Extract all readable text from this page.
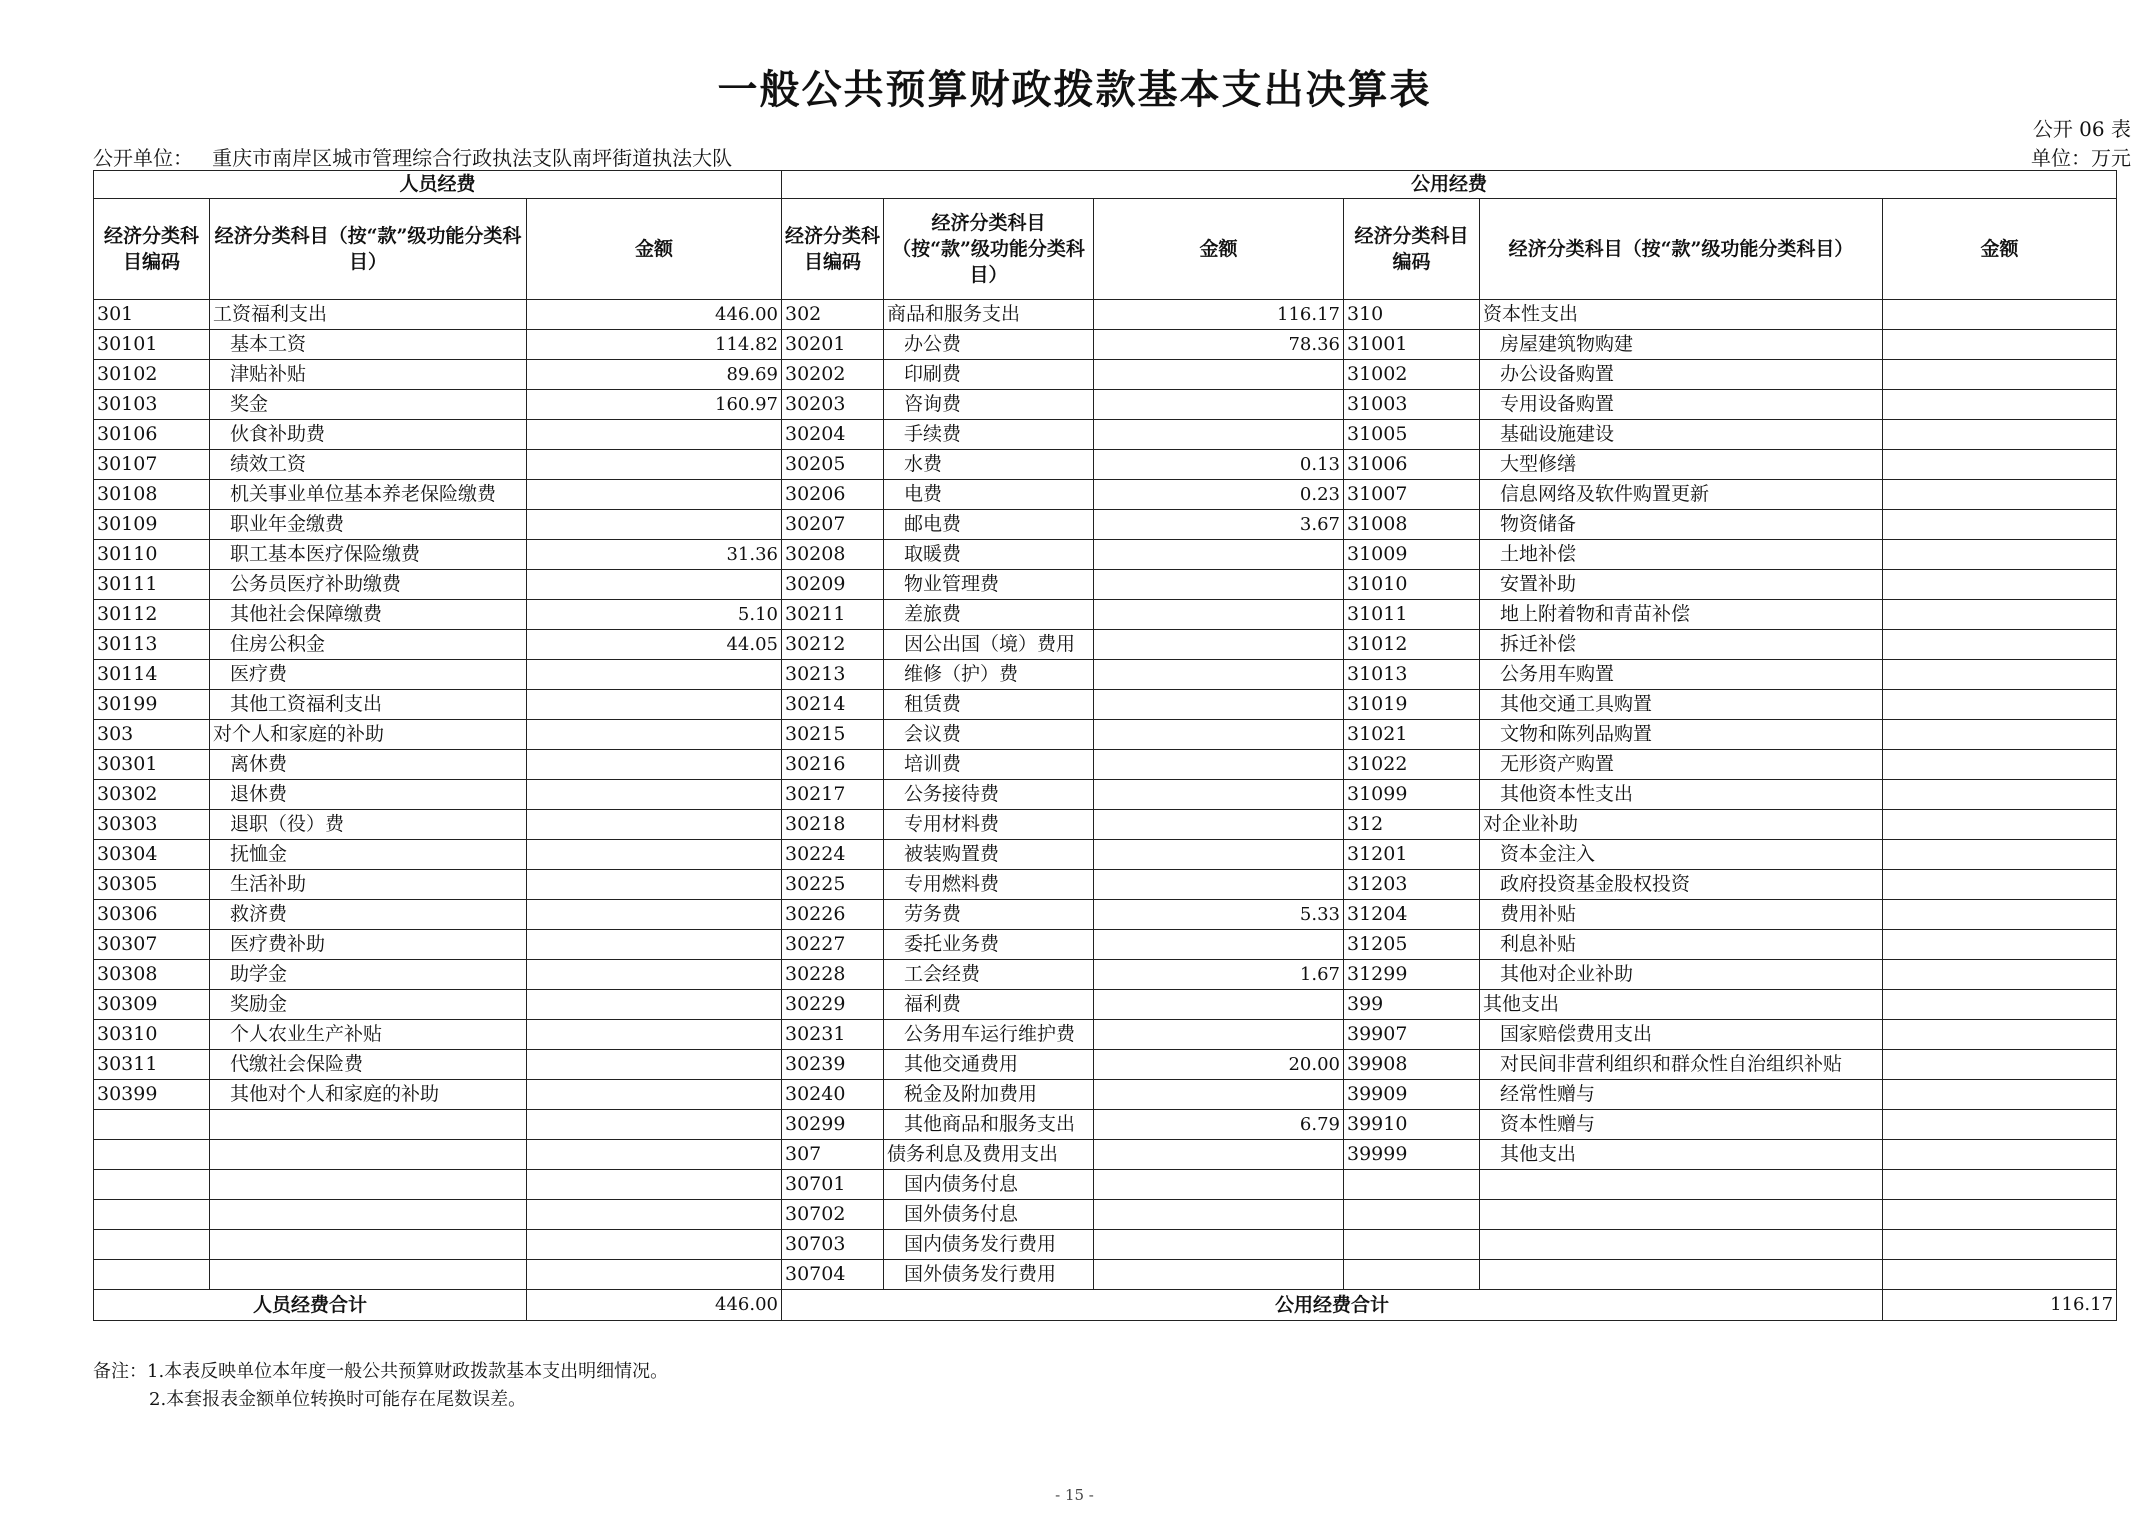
一般公共预算财政拨款基本支出决算表
公开 06 表
公开单位： 重庆市南岸区城市管理综合行政执法支队南坪街道执法大队	单位：万元
人员经费			公用经费					
经济分类科目编码	经济分类科目（按“款”级功能分类科目）	金额	经济分类科目编码	经济分类科目（按“款”级功能分类科目）	金额	经济分类科目编码	经济分类科目（按“款”级功能分类科目）	金额
301	工资福利支出	446.00	302	商品和服务支出	116.17	310	资本性支出	
30101	基本工资	114.82	30201	办公费	78.36	31001	房屋建筑物购建	
30102	津贴补贴	89.69	30202	印刷费		31002	办公设备购置	
30103	奖金	160.97	30203	咨询费		31003	专用设备购置	
30106	伙食补助费		30204	手续费		31005	基础设施建设	
30107	绩效工资		30205	水费	0.13	31006	大型修缮	
30108	机关事业单位基本养老保险缴费		30206	电费	0.23	31007	信息网络及软件购置更新	
30109	职业年金缴费		30207	邮电费	3.67	31008	物资储备	
30110	职工基本医疗保险缴费	31.36	30208	取暖费		31009	土地补偿	
30111	公务员医疗补助缴费		30209	物业管理费		31010	安置补助	
30112	其他社会保障缴费	5.10	30211	差旅费		31011	地上附着物和青苗补偿	
30113	住房公积金	44.05	30212	因公出国（境）费用		31012	拆迁补偿	
30114	医疗费		30213	维修（护）费		31013	公务用车购置	
30199	其他工资福利支出		30214	租赁费		31019	其他交通工具购置	
303	对个人和家庭的补助		30215	会议费		31021	文物和陈列品购置	
30301	离休费		30216	培训费		31022	无形资产购置	
30302	退休费		30217	公务接待费		31099	其他资本性支出	
30303	退职（役）费		30218	专用材料费		312	对企业补助	
30304	抚恤金		30224	被装购置费		31201	资本金注入	
30305	生活补助		30225	专用燃料费		31203	政府投资基金股权投资	
30306	救济费		30226	劳务费	5.33	31204	费用补贴	
30307	医疗费补助		30227	委托业务费		31205	利息补贴	
30308	助学金		30228	工会经费	1.67	31299	其他对企业补助	
30309	奖励金		30229	福利费		399	其他支出	
30310	个人农业生产补贴		30231	公务用车运行维护费		39907	国家赔偿费用支出	
30311	代缴社会保险费		30239	其他交通费用	20.00	39908	对民间非营利组织和群众性自治组织补贴	
30399	其他对个人和家庭的补助		30240	税金及附加费用		39909	经常性赠与	
			30299	其他商品和服务支出	6.79	39910	资本性赠与	
			307	债务利息及费用支出		39999	其他支出	
			30701	国内债务付息				
			30702	国外债务付息				
			30703	国内债务发行费用				
			30704	国外债务发行费用				
人员经费合计		446.00	公用经费合计					116.17
备注：1.本表反映单位本年度一般公共预算财政拨款基本支出明细情况。
2.本套报表金额单位转换时可能存在尾数误差。
- 15 -
